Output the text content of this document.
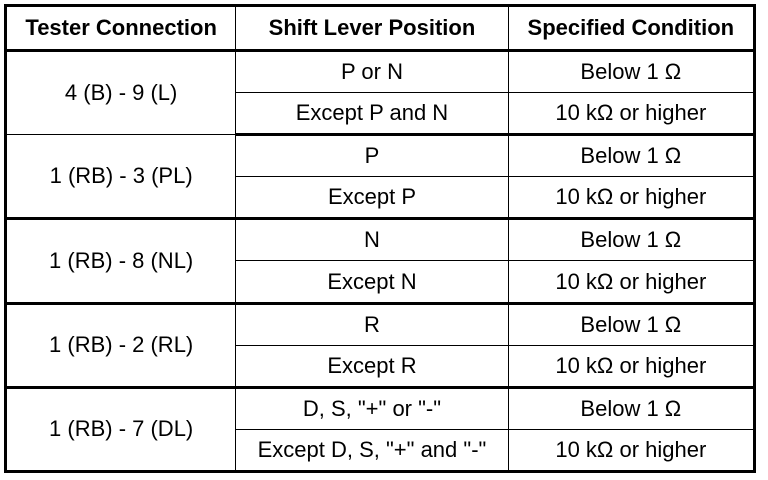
Tester Connection	Shift Lever Position	Specified Condition
4 (B) - 9 (L)	P or N	Below 1 Ω
	Except P and N	10 kΩ or higher
1 (RB) - 3 (PL)	P	Below 1 Ω
	Except P	10 kΩ or higher
1 (RB) - 8 (NL)	N	Below 1 Ω
	Except N	10 kΩ or higher
1 (RB) - 2 (RL)	R	Below 1 Ω
	Except R	10 kΩ or higher
1 (RB) - 7 (DL)	D, S, "+" or "-"	Below 1 Ω
	Except D, S, "+" and "-"	10 kΩ or higher
